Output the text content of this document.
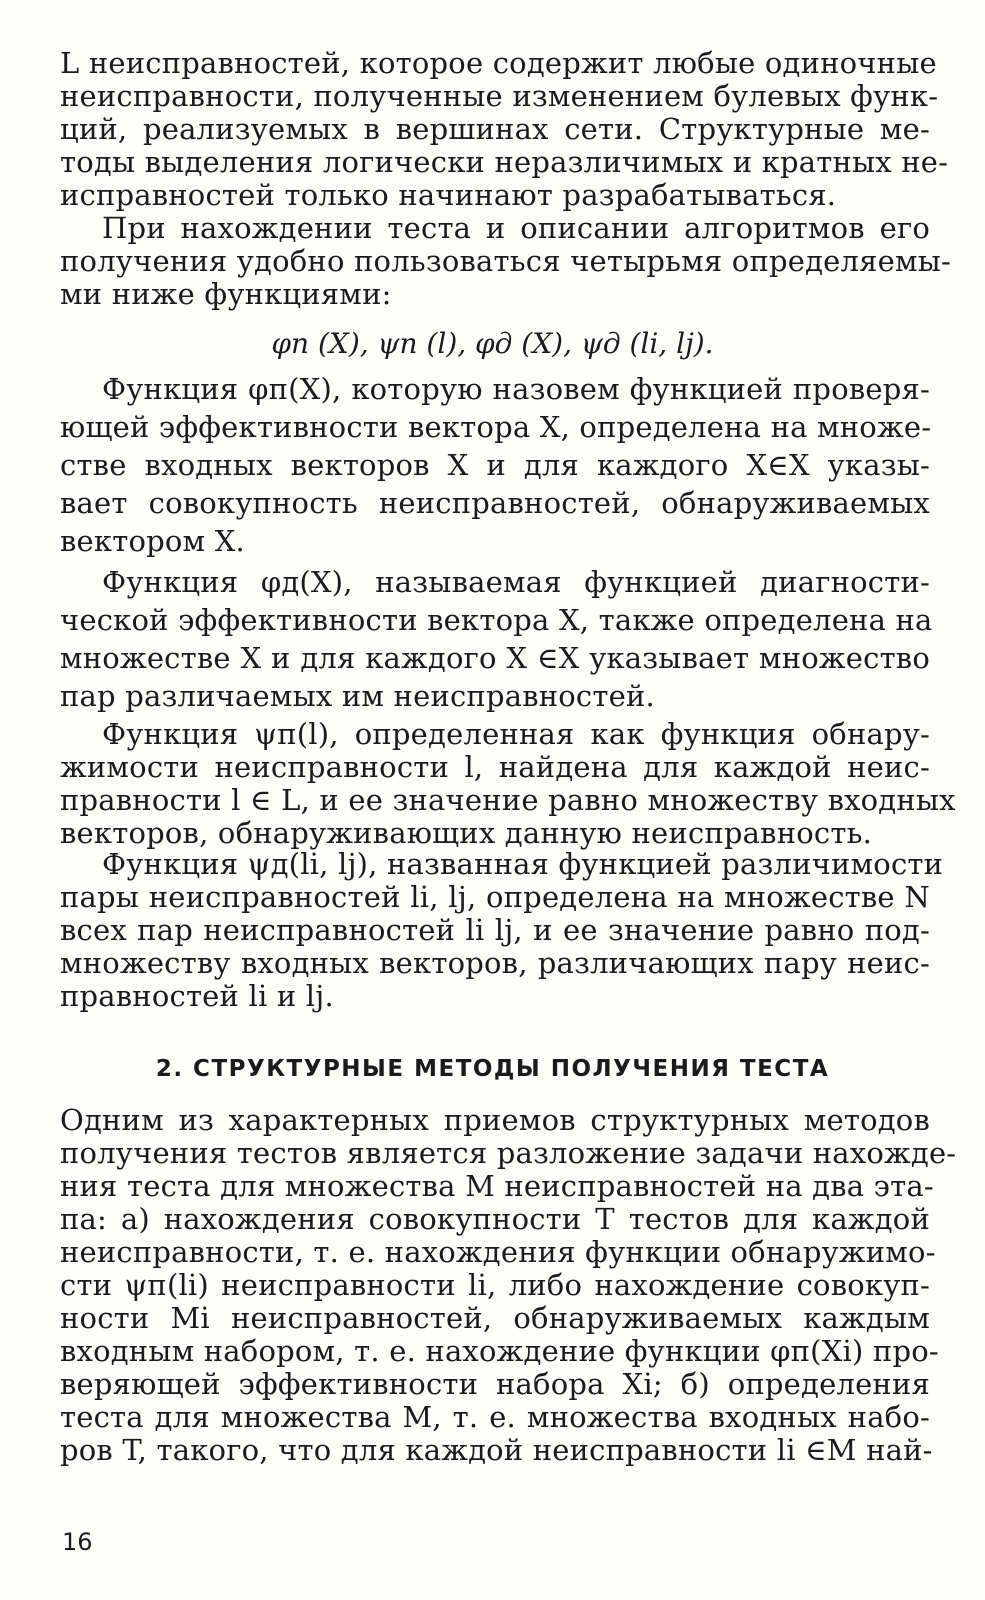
L неисправностей, которое содержит любые одиночные
неисправности, полученные изменением булевых функ-
ций, реализуемых в вершинах сети. Структурные ме-
тоды выделения логически неразличимых и кратных не-
исправностей только начинают разрабатываться.
При нахождении теста и описании алгоритмов его
получения удобно пользоваться четырьмя определяемы-
ми ниже функциями:
φп (X), ψп (l), φд (X), ψд (li, lj).
Функция φп(X), которую назовем функцией проверя-
ющей эффективности вектора X, определена на множе-
стве входных векторов X и для каждого X∈X указы-
вает совокупность неисправностей, обнаруживаемых
вектором X.
Функция φд(X), называемая функцией диагности-
ческой эффективности вектора X, также определена на
множестве X и для каждого X ∈X указывает множество
пар различаемых им неисправностей.
Функция ψп(l), определенная как функция обнару-
жимости неисправности l, найдена для каждой неис-
правности l ∈ L, и ее значение равно множеству входных
векторов, обнаруживающих данную неисправность.
Функция ψд(li, lj), названная функцией различимости
пары неисправностей li, lj, определена на множестве N
всех пар неисправностей li lj, и ее значение равно под-
множеству входных векторов, различающих пару неис-
правностей li и lj.
2. СТРУКТУРНЫЕ МЕТОДЫ ПОЛУЧЕНИЯ ТЕСТА
Одним из характерных приемов структурных методов
получения тестов является разложение задачи нахожде-
ния теста для множества M неисправностей на два эта-
па: а) нахождения совокупности T тестов для каждой
неисправности, т. е. нахождения функции обнаружимо-
сти ψп(li) неисправности li, либо нахождение совокуп-
ности Mi неисправностей, обнаруживаемых каждым
входным набором, т. е. нахождение функции φп(Xi) про-
веряющей эффективности набора Xi; б) определения
теста для множества M, т. е. множества входных набо-
ров T, такого, что для каждой неисправности li ∈M най-
16
